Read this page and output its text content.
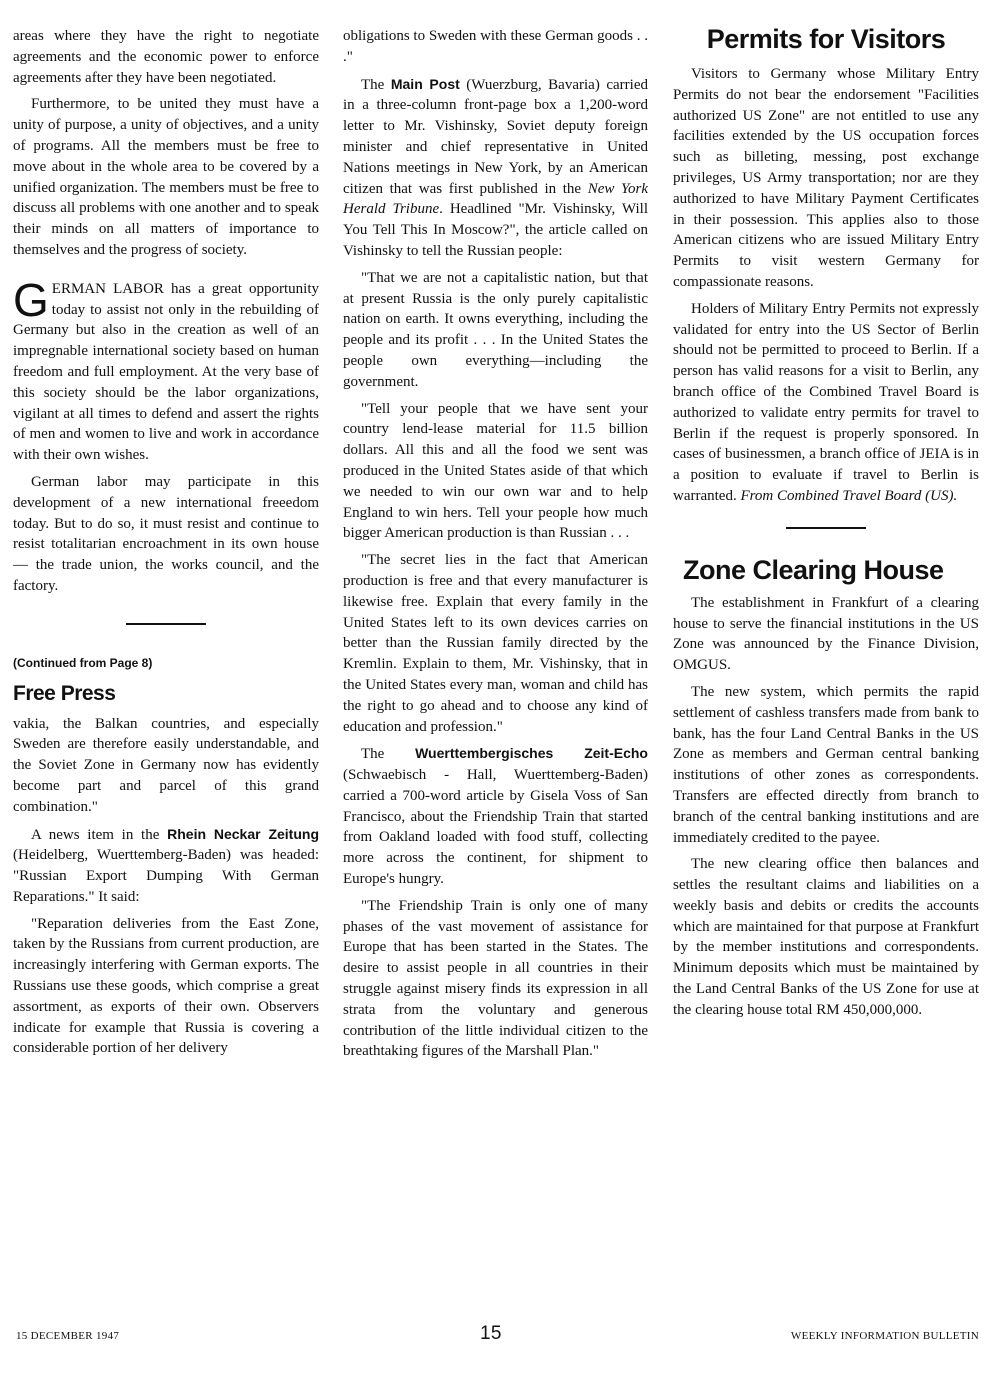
areas where they have the right to negotiate agreements and the economic power to enforce agreements after they have been negotiated.

Furthermore, to be united they must have a unity of purpose, a unity of objectives, and a unity of programs. All the members must be free to move about in the whole area to be covered by a unified organization. The members must be free to discuss all problems with one another and to speak their minds on all matters of importance to themselves and the progress of society.

GERMAN LABOR has a great opportunity today to assist not only in the rebuilding of Germany but also in the creation as well of an impregnable international society based on human freedom and full employment. At the very base of this society should be the labor organizations, vigilant at all times to defend and assert the rights of men and women to live and work in accordance with their own wishes.

German labor may participate in this development of a new international freeedom today. But to do so, it must resist and continue to resist totalitarian encroachment in its own house — the trade union, the works council, and the factory.

(Continued from Page 8)
Free Press

vakia, the Balkan countries, and especially Sweden are therefore easily understandable, and the Soviet Zone in Germany now has evidently become part and parcel of this grand combination."

A news item in the Rhein Neckar Zeitung (Heidelberg, Wuerttemberg-Baden) was headed: "Russian Export Dumping With German Reparations." It said:

"Reparation deliveries from the East Zone, taken by the Russians from current production, are increasingly interfering with German exports. The Russians use these goods, which comprise a great assortment, as exports of their own. Observers indicate for example that Russia is covering a considerable portion of her delivery

obligations to Sweden with these German goods . . ."

The Main Post (Wuerzburg, Bavaria) carried in a three-column front-page box a 1,200-word letter to Mr. Vishinsky, Soviet deputy foreign minister and chief representative in United Nations meetings in New York, by an American citizen that was first published in the New York Herald Tribune. Headlined "Mr. Vishinsky, Will You Tell This In Moscow?", the article called on Vishinsky to tell the Russian people:

"That we are not a capitalistic nation, but that at present Russia is the only purely capitalistic nation on earth. It owns everything, including the people and its profit . . . In the United States the people own everything—including the government.

"Tell your people that we have sent your country lend-lease material for 11.5 billion dollars. All this and all the food we sent was produced in the United States aside of that which we needed to win our own war and to help England to win hers. Tell your people how much bigger American production is than Russian . . .

"The secret lies in the fact that American production is free and that every manufacturer is likewise free. Explain that every family in the United States left to its own devices carries on better than the Russian family directed by the Kremlin. Explain to them, Mr. Vishinsky, that in the United States every man, woman and child has the right to go ahead and to choose any kind of education and profession."

The Wuerttembergisches Zeit-Echo (Schwaebisch - Hall, Wuerttemberg-Baden) carried a 700-word article by Gisela Voss of San Francisco, about the Friendship Train that started from Oakland loaded with food stuff, collecting more across the continent, for shipment to Europe's hungry.

"The Friendship Train is only one of many phases of the vast movement of assistance for Europe that has been started in the States. The desire to assist people in all countries in their struggle against misery finds its expression in all strata from the voluntary and generous contribution of the little individual citizen to the breathtaking figures of the Marshall Plan."

Permits for Visitors

Visitors to Germany whose Military Entry Permits do not bear the endorsement "Facilities authorized US Zone" are not entitled to use any facilities extended by the US occupation forces such as billeting, messing, post exchange privileges, US Army transportation; nor are they authorized to have Military Payment Certificates in their possession. This applies also to those American citizens who are issued Military Entry Permits to visit western Germany for compassionate reasons.

Holders of Military Entry Permits not expressly validated for entry into the US Sector of Berlin should not be permitted to proceed to Berlin. If a person has valid reasons for a visit to Berlin, any branch office of the Combined Travel Board is authorized to validate entry permits for travel to Berlin if the request is properly sponsored. In cases of businessmen, a branch office of JEIA is in a position to evaluate if travel to Berlin is warranted. From Combined Travel Board (US).

Zone Clearing House

The establishment in Frankfurt of a clearing house to serve the financial institutions in the US Zone was announced by the Finance Division, OMGUS.

The new system, which permits the rapid settlement of cashless transfers made from bank to bank, has the four Land Central Banks in the US Zone as members and German central banking institutions of other zones as correspondents. Transfers are effected directly from branch to branch of the central banking institutions and are immediately credited to the payee.

The new clearing office then balances and settles the resultant claims and liabilities on a weekly basis and debits or credits the accounts which are maintained for that purpose at Frankfurt by the member institutions and correspondents. Minimum deposits which must be maintained by the Land Central Banks of the US Zone for use at the clearing house total RM 450,000,000.

15 DECEMBER 1947	15	WEEKLY INFORMATION BULLETIN
